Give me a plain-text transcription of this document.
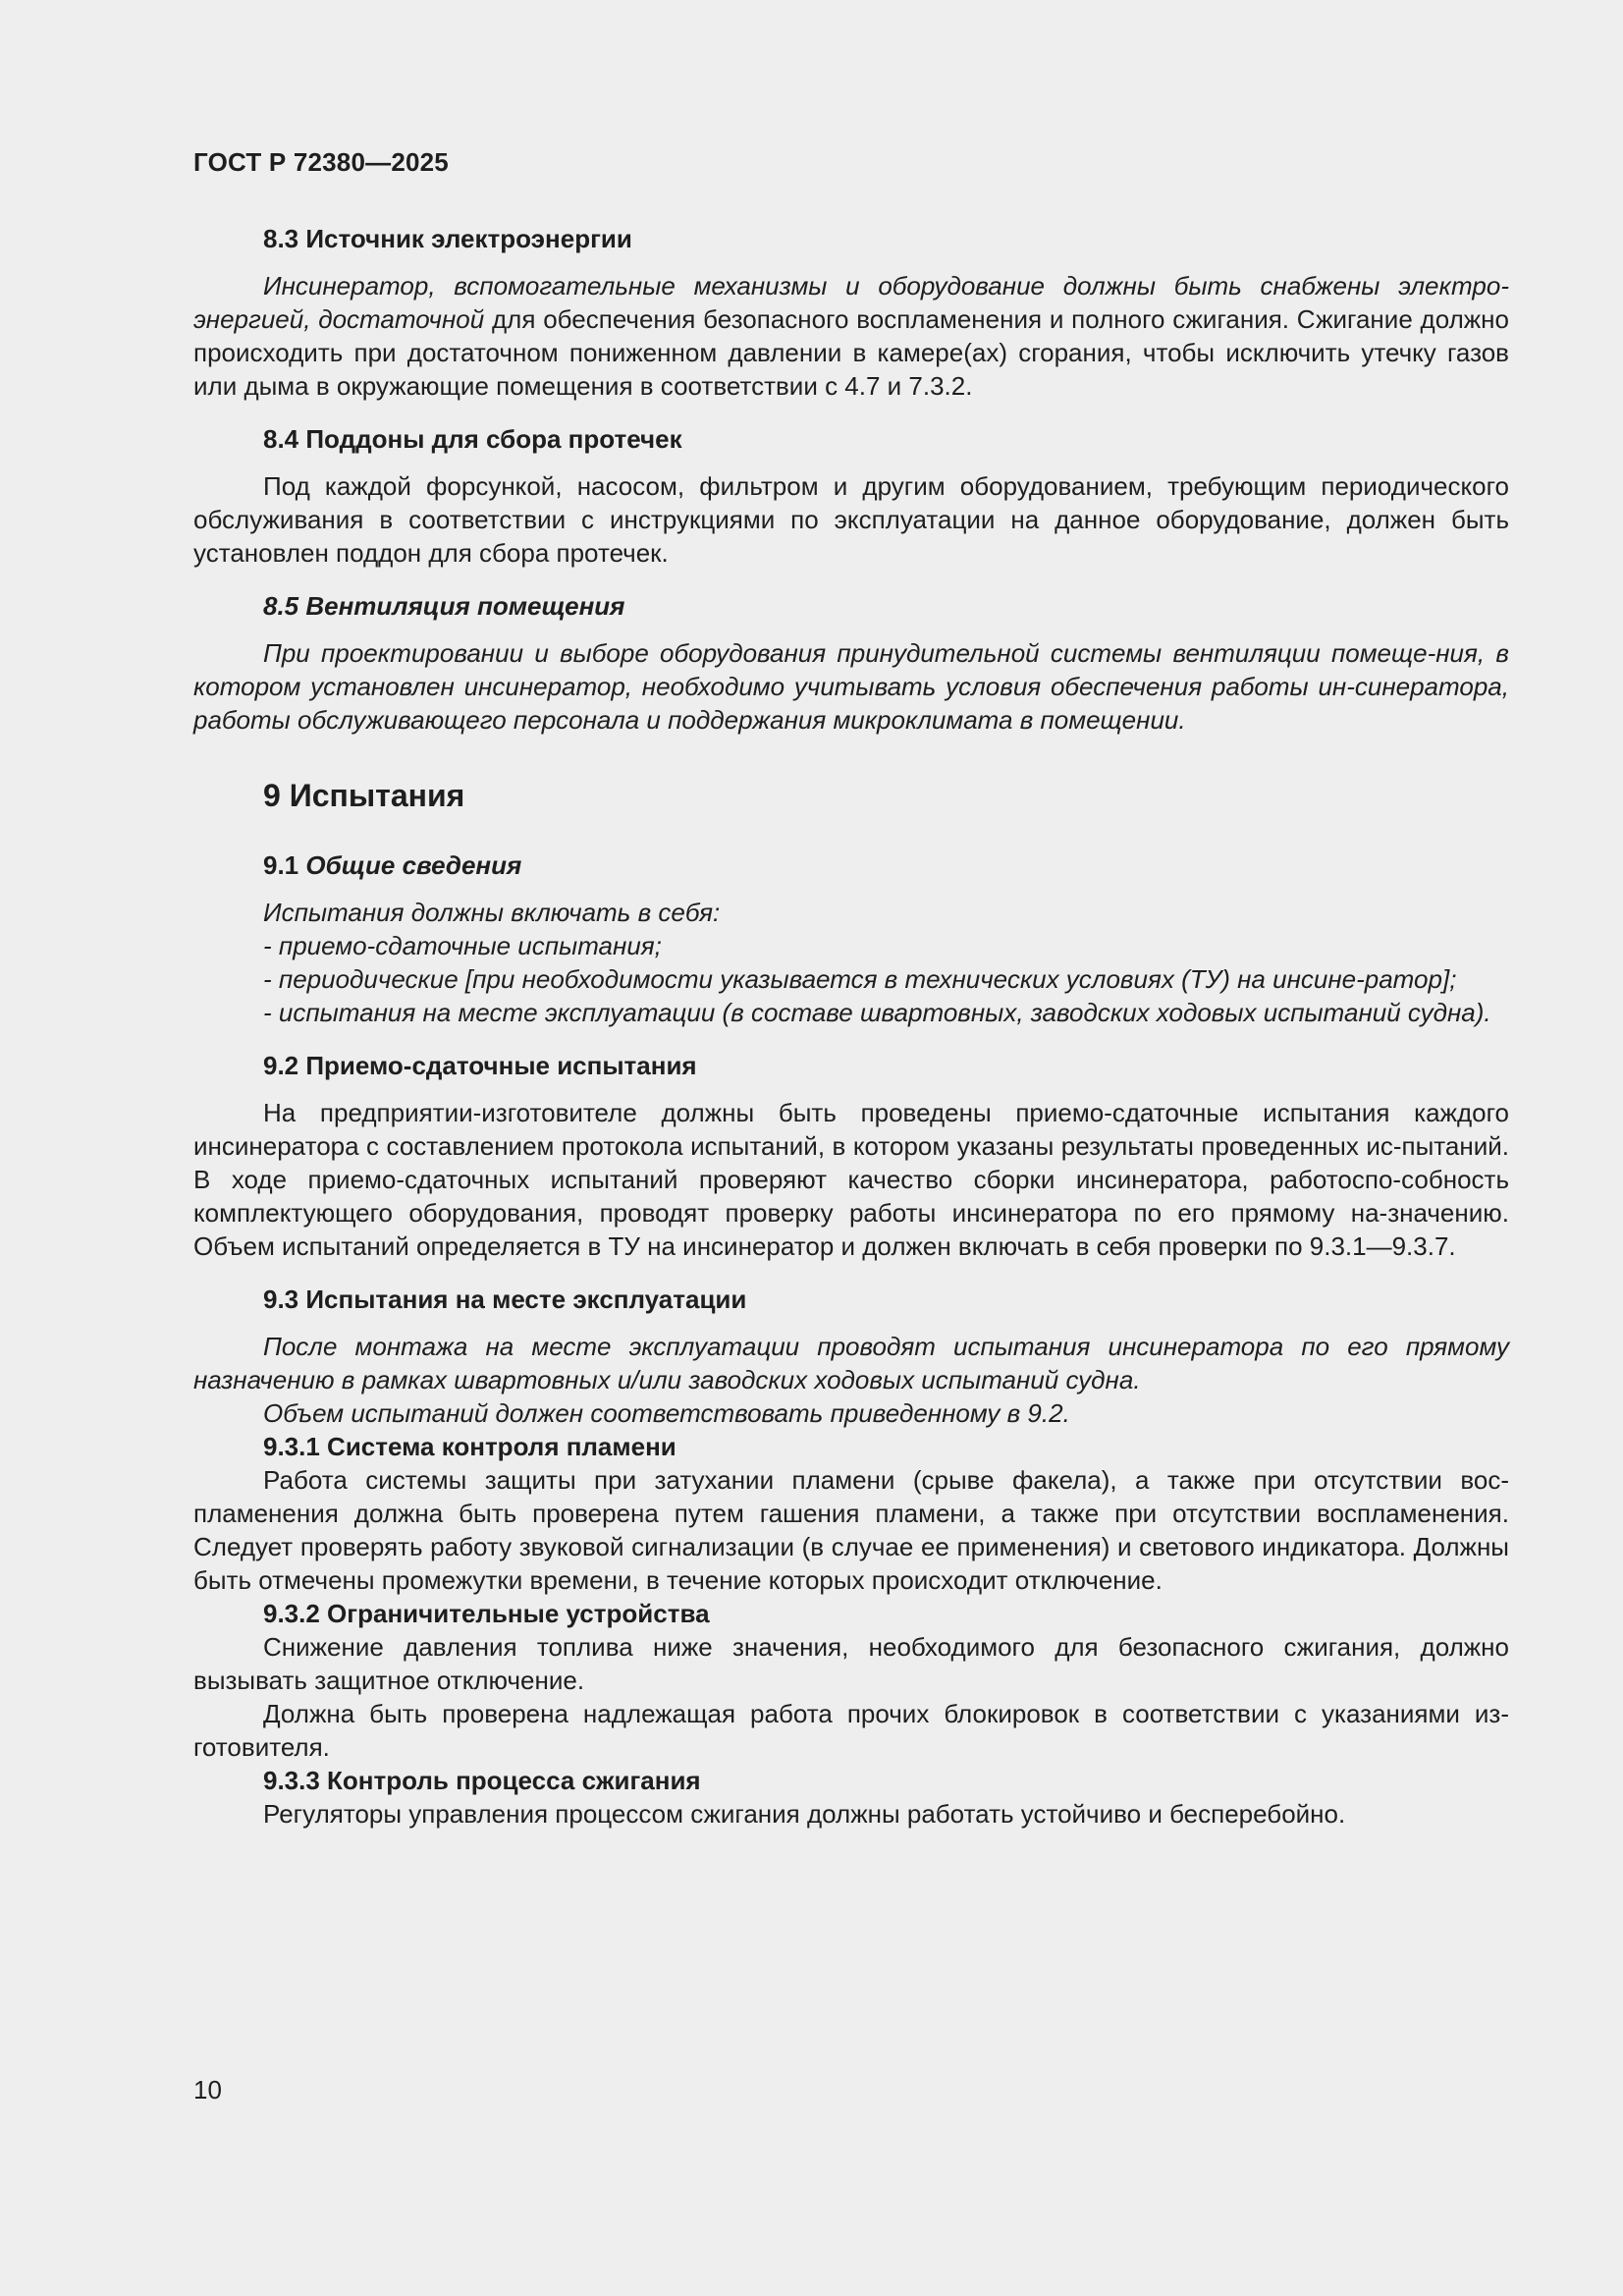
ГОСТ Р 72380—2025

8.3 Источник электроэнергии

Инсинератор, вспомогательные механизмы и оборудование должны быть снабжены электро-энергией, достаточной для обеспечения безопасного воспламенения и полного сжигания. Сжигание должно происходить при достаточном пониженном давлении в камере(ах) сгорания, чтобы исключить утечку газов или дыма в окружающие помещения в соответствии с 4.7 и 7.3.2.

8.4 Поддоны для сбора протечек

Под каждой форсункой, насосом, фильтром и другим оборудованием, требующим периодического обслуживания в соответствии с инструкциями по эксплуатации на данное оборудование, должен быть установлен поддон для сбора протечек.

8.5 Вентиляция помещения

При проектировании и выборе оборудования принудительной системы вентиляции помеще-ния, в котором установлен инсинератор, необходимо учитывать условия обеспечения работы ин-синератора, работы обслуживающего персонала и поддержания микроклимата в помещении.

9 Испытания

9.1 Общие сведения

Испытания должны включать в себя:

- приемо-сдаточные испытания;

- периодические [при необходимости указывается в технических условиях (ТУ) на инсине-ратор];

- испытания на месте эксплуатации (в составе швартовных, заводских ходовых испытаний судна).

9.2 Приемо-сдаточные испытания

На предприятии-изготовителе должны быть проведены приемо-сдаточные испытания каждого инсинератора с составлением протокола испытаний, в котором указаны результаты проведенных ис-пытаний. В ходе приемо-сдаточных испытаний проверяют качество сборки инсинератора, работоспо-собность комплектующего оборудования, проводят проверку работы инсинератора по его прямому на-значению. Объем испытаний определяется в ТУ на инсинератор и должен включать в себя проверки по 9.3.1—9.3.7.

9.3 Испытания на месте эксплуатации

После монтажа на месте эксплуатации проводят испытания инсинератора по его прямому назначению в рамках швартовных и/или заводских ходовых испытаний судна.

Объем испытаний должен соответствовать приведенному в 9.2.

9.3.1 Система контроля пламени

Работа системы защиты при затухании пламени (срыве факела), а также при отсутствии вос-пламенения должна быть проверена путем гашения пламени, а также при отсутствии воспламенения. Следует проверять работу звуковой сигнализации (в случае ее применения) и светового индикатора. Должны быть отмечены промежутки времени, в течение которых происходит отключение.

9.3.2 Ограничительные устройства

Снижение давления топлива ниже значения, необходимого для безопасного сжигания, должно вызывать защитное отключение.

Должна быть проверена надлежащая работа прочих блокировок в соответствии с указаниями из-готовителя.

9.3.3 Контроль процесса сжигания

Регуляторы управления процессом сжигания должны работать устойчиво и бесперебойно.

10
